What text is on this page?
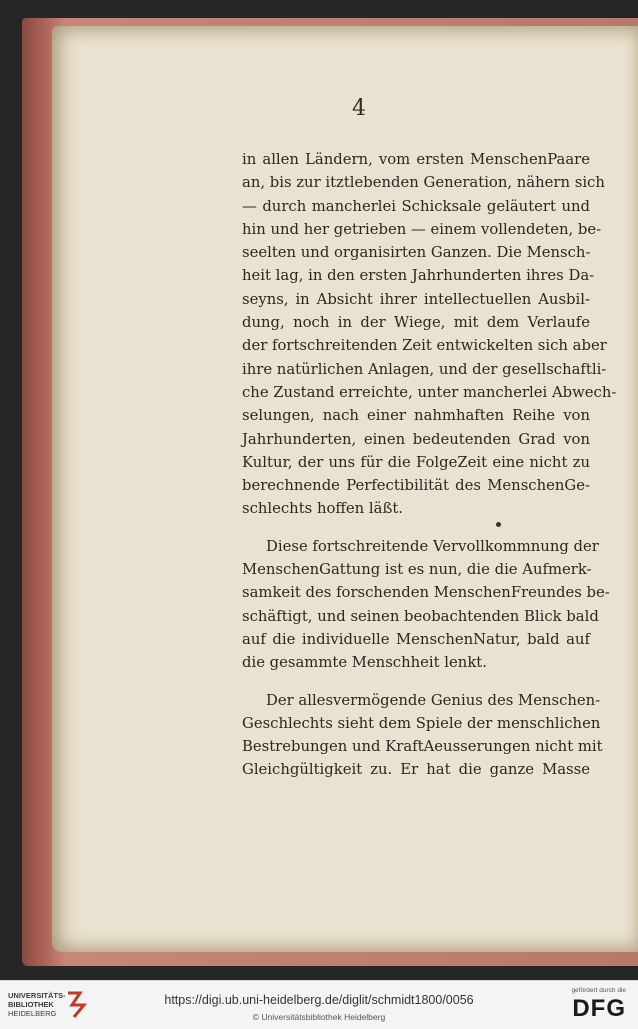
4

in allen Ländern, vom ersten MenschenPaare
an, bis zur itztlebenden Generation, nähern sich
— durch mancherlei Schicksale geläutert und
hin und her getrieben — einem vollendeten, be-
seelten und organisirten Ganzen. Die Mensch-
heit lag, in den ersten Jahrhunderten ihres Da-
seyns, in Absicht ihrer intellectuellen Ausbil-
dung, noch in der Wiege, mit dem Verlaufe
der fortschreitenden Zeit entwickelten sich aber
ihre natürlichen Anlagen, und der gesellschaftli-
che Zustand erreichte, unter mancherlei Abwech-
selungen, nach einer nahmhaften Reihe von
Jahrhunderten, einen bedeutenden Grad von
Kultur, der uns für die FolgeZeit eine nicht zu
berechnende Perfectibilität des MenschenGe-
schlechts hoffen läßt.

Diese fortschreitende Vervollkommnung der
MenschenGattung ist es nun, die die Aufmerk-
samkeit des forschenden MenschenFreundes be-
schäftigt, und seinen beobachtenden Blick bald
auf die individuelle MenschenNatur, bald auf
die gesammte Menschheit lenkt.

Der allesvermögende Genius des Menschen-
Geschlechts sieht dem Spiele der menschlichen
Bestrebungen und KraftAeusserungen nicht mit
Gleichgültigkeit zu. Er hat die ganze Masse

UNIVERSITÄTS-
BIBLIOTHEK
HEIDELBERG
https://digi.ub.uni-heidelberg.de/diglit/schmidt1800/0056
© Universitätsbibliothek Heidelberg
gefördert durch die
DFG
